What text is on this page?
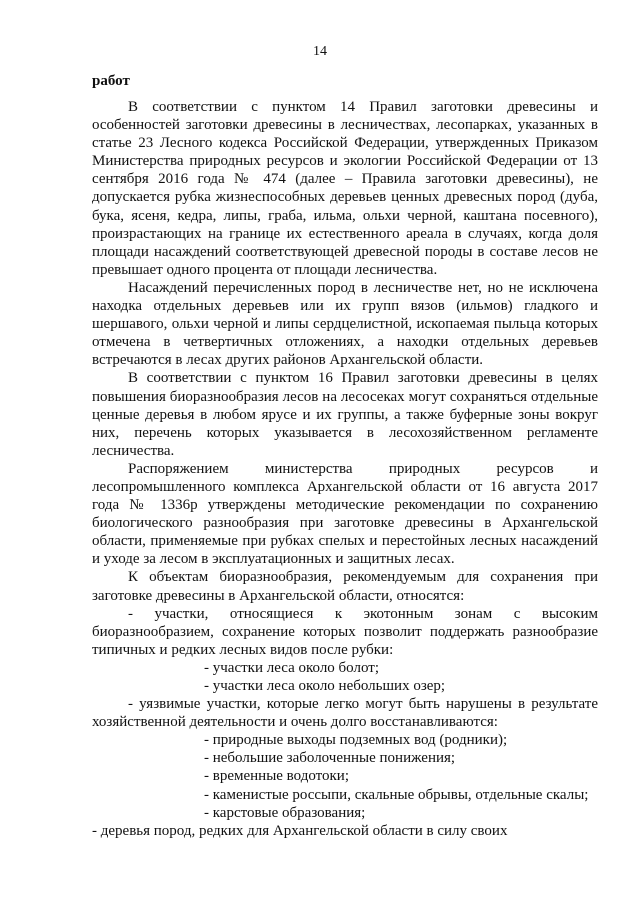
14
работ

В соответствии с пунктом 14 Правил заготовки древесины и особенностей заготовки древесины в лесничествах, лесопарках, указанных в статье 23 Лесного кодекса Российской Федерации, утвержденных Приказом Министерства природных ресурсов и экологии Российской Федерации от 13 сентября 2016 года № 474 (далее – Правила заготовки древесины), не допускается рубка жизнеспособных деревьев ценных древесных пород (дуба, бука, ясеня, кедра, липы, граба, ильма, ольхи черной, каштана посевного), произрастающих на границе их естественного ареала в случаях, когда доля площади насаждений соответствующей древесной породы в составе лесов не превышает одного процента от площади лесничества.

Насаждений перечисленных пород в лесничестве нет, но не исключена находка отдельных деревьев или их групп вязов (ильмов) гладкого и шершавого, ольхи черной и липы сердцелистной, ископаемая пыльца которых отмечена в четвертичных отложениях, а находки отдельных деревьев встречаются в лесах других районов Архангельской области.

В соответствии с пунктом 16 Правил заготовки древесины в целях повышения биоразнообразия лесов на лесосеках могут сохраняться отдельные ценные деревья в любом ярусе и их группы, а также буферные зоны вокруг них, перечень которых указывается в лесохозяйственном регламенте лесничества.

Распоряжением министерства природных ресурсов и лесопромышленного комплекса Архангельской области от 16 августа 2017 года № 1336р утверждены методические рекомендации по сохранению биологического разнообразия при заготовке древесины в Архангельской области, применяемые при рубках спелых и перестойных лесных насаждений и уходе за лесом в эксплуатационных и защитных лесах.

К объектам биоразнообразия, рекомендуемым для сохранения при заготовке древесины в Архангельской области, относятся:

- участки, относящиеся к экотонным зонам с высоким биоразнообразием, сохранение которых позволит поддержать разнообразие типичных и редких лесных видов после рубки:

- участки леса около болот;

- участки леса около небольших озер;

- уязвимые участки, которые легко могут быть нарушены в результате хозяйственной деятельности и очень долго восстанавливаются:

- природные выходы подземных вод (родники);

- небольшие заболоченные понижения;

- временные водотоки;

- каменистые россыпи, скальные обрывы, отдельные скалы;

- карстовые образования;

- деревья пород, редких для Архангельской области в силу своих
